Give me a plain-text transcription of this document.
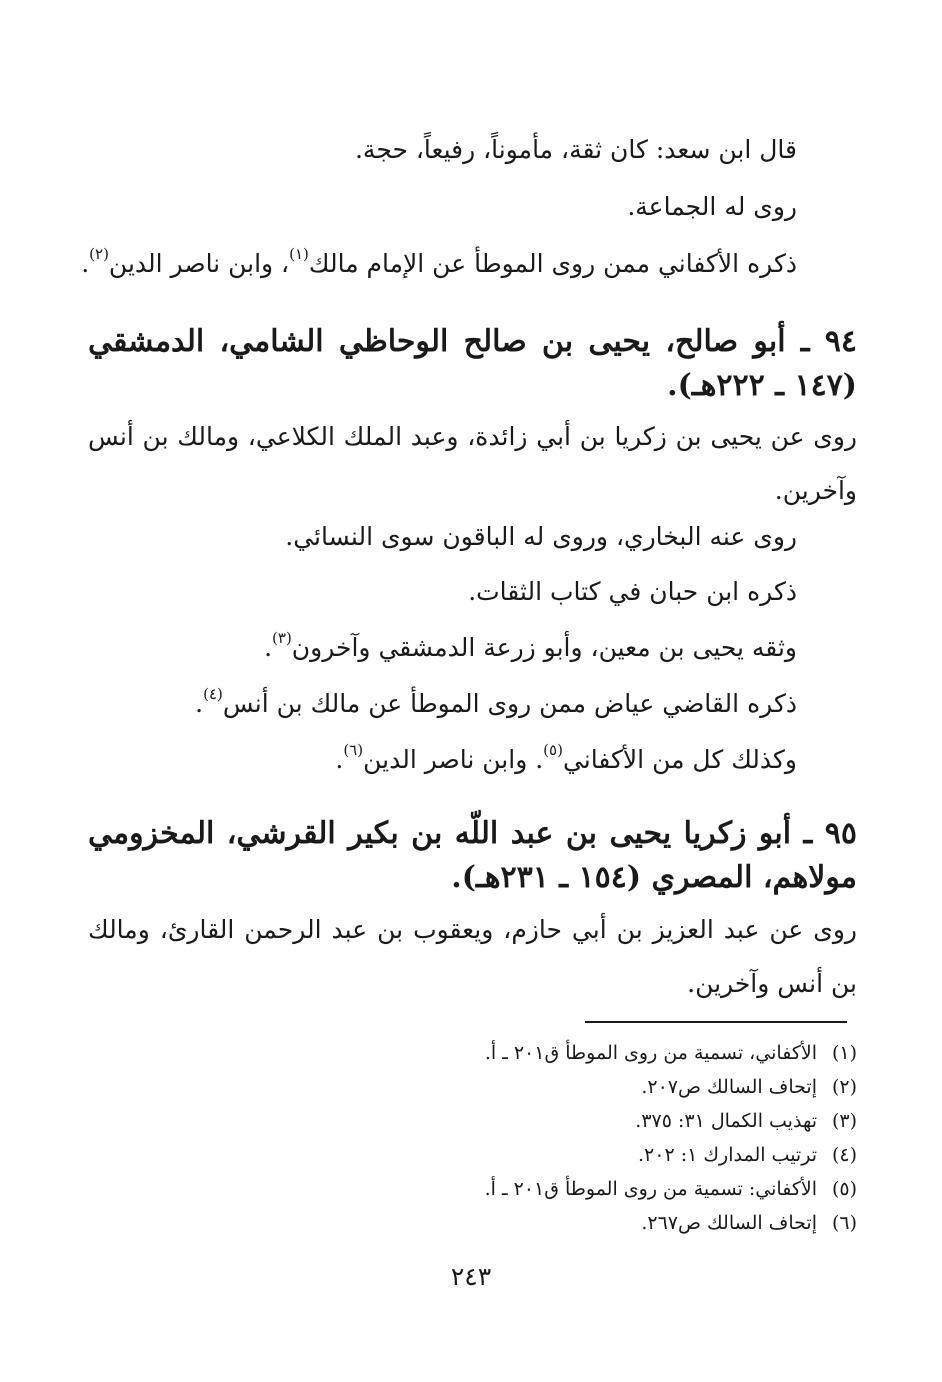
قال ابن سعد: كان ثقة، مأموناً، رفيعاً، حجة.
روى له الجماعة.
ذكره الأكفاني ممن روى الموطأ عن الإمام مالك$^{(١)}$، وابن ناصر الدين$^{(٢)}$.
٩٤ ـ أبو صالح، يحيى بن صالح الوحاظي الشامي، الدمشقي (١٤٧ ـ ٢٢٢هـ).
روى عن يحيى بن زكريا بن أبي زائدة، وعبد الملك الكلاعي، ومالك بن أنس وآخرين.
روى عنه البخاري، وروى له الباقون سوى النسائي.
ذكره ابن حبان في كتاب الثقات.
وثقه يحيى بن معين، وأبو زرعة الدمشقي وآخرون$^{(٣)}$.
ذكره القاضي عياض ممن روى الموطأ عن مالك بن أنس$^{(٤)}$.
وكذلك كل من الأكفاني$^{(٥)}$. وابن ناصر الدين$^{(٦)}$.
٩٥ ـ أبو زكريا يحيى بن عبد اللّه بن بكير القرشي، المخزومي مولاهم، المصري (١٥٤ ـ ٢٣١هـ).
روى عن عبد العزيز بن أبي حازم، ويعقوب بن عبد الرحمن القارئ، ومالك بن أنس وآخرين.
(١)الأكفاني، تسمية من روى الموطأ ق٢٠١ ـ أ.
(٢)إتحاف السالك ص٢٠٧.
(٣)تهذيب الكمال ٣١: ٣٧٥.
(٤)ترتيب المدارك ١: ٢٠٢.
(٥)الأكفاني: تسمية من روى الموطأ ق٢٠١ ـ أ.
(٦)إتحاف السالك ص٢٦٧.
٢٤٣
